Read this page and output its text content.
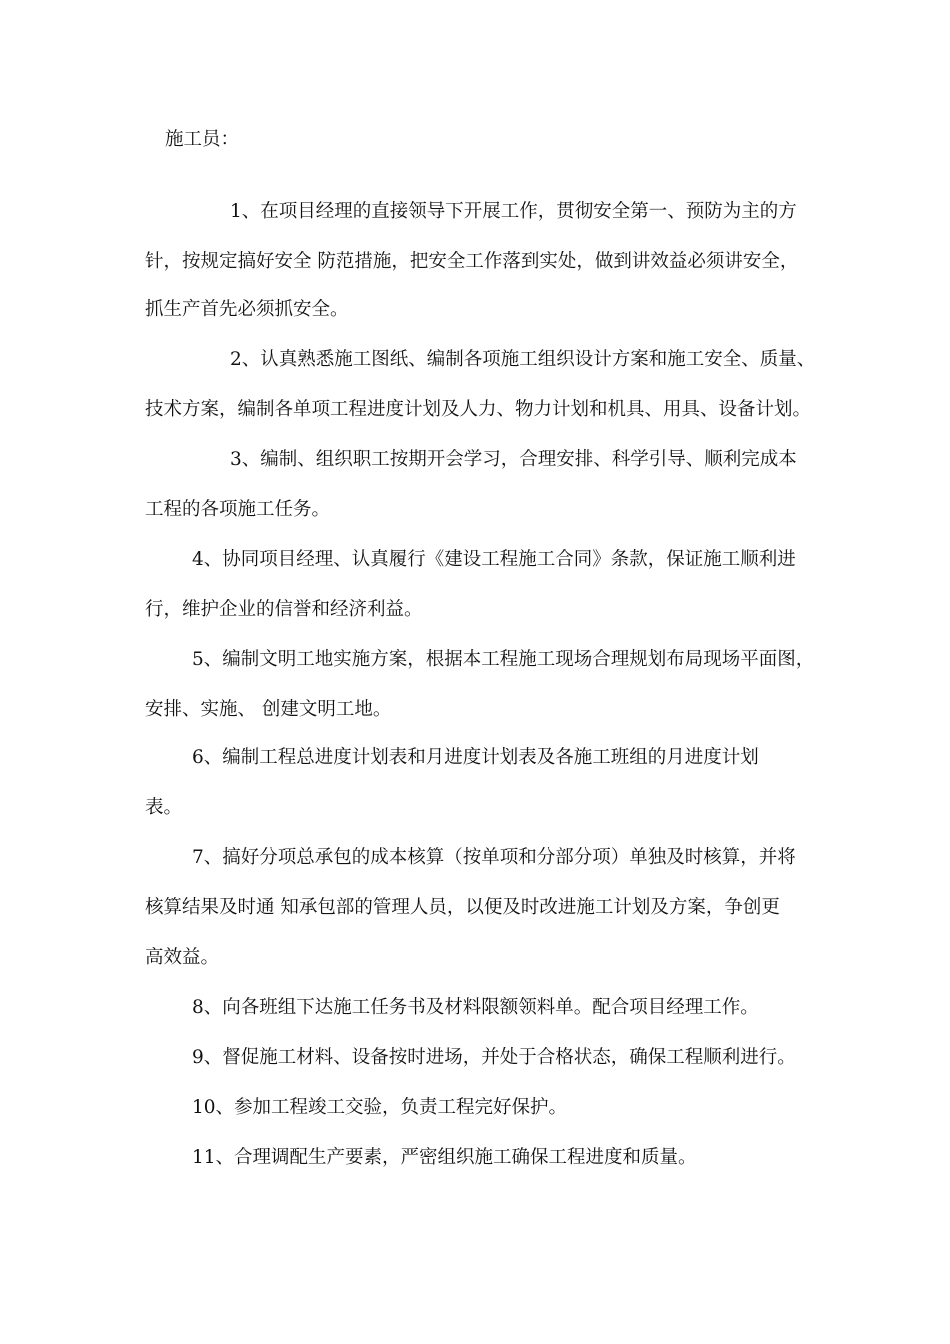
施工员：
1、在项目经理的直接领导下开展工作，贯彻安全第一、预防为主的方
针，按规定搞好安全 防范措施，把安全工作落到实处，做到讲效益必须讲安全，
抓生产首先必须抓安全。
2、认真熟悉施工图纸、编制各项施工组织设计方案和施工安全、质量、
技术方案，编制各单项工程进度计划及人力、物力计划和机具、用具、设备计划。
3、编制、组织职工按期开会学习，合理安排、科学引导、顺利完成本
工程的各项施工任务。
4、协同项目经理、认真履行《建设工程施工合同》条款，保证施工顺利进
行，维护企业的信誉和经济利益。
5、编制文明工地实施方案，根据本工程施工现场合理规划布局现场平面图，
安排、实施、 创建文明工地。
6、编制工程总进度计划表和月进度计划表及各施工班组的月进度计划
表。
7、搞好分项总承包的成本核算（按单项和分部分项）单独及时核算，并将
核算结果及时通 知承包部的管理人员，以便及时改进施工计划及方案，争创更
高效益。
8、向各班组下达施工任务书及材料限额领料单。配合项目经理工作。
9、督促施工材料、设备按时进场，并处于合格状态，确保工程顺利进行。
10、参加工程竣工交验，负责工程完好保护。
11、合理调配生产要素，严密组织施工确保工程进度和质量。
